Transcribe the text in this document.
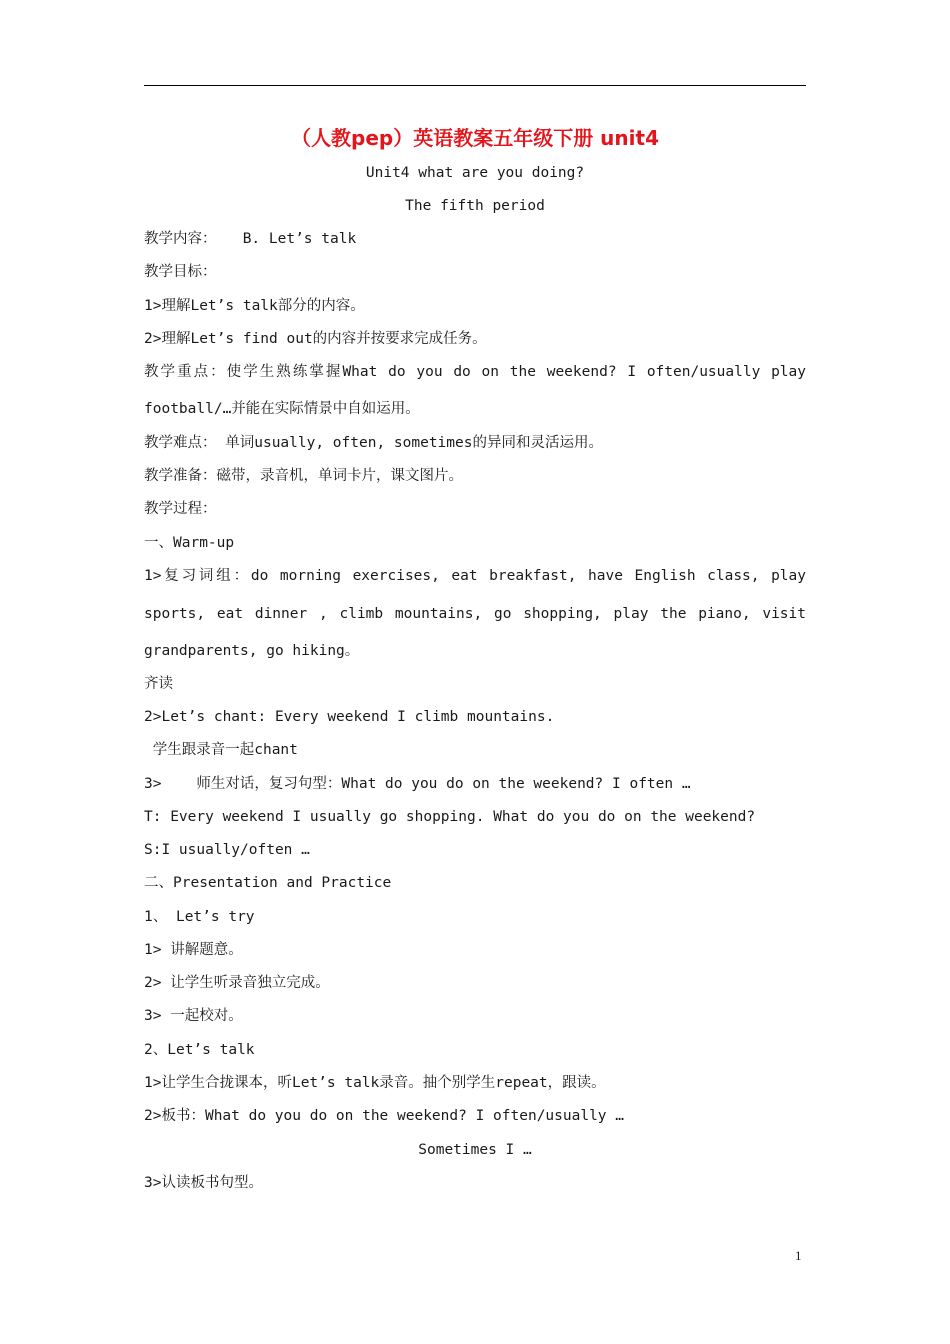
（人教pep）英语教案五年级下册 unit4
Unit4 what are you doing?
The fifth period
教学内容：   B. Let’s talk
教学目标：
1>理解Let’s talk部分的内容。
2>理解Let’s find out的内容并按要求完成任务。
教学重点：使学生熟练掌握What do you do on the weekend? I often/usually play
football/…并能在实际情景中自如运用。
教学难点： 单词usually, often, sometimes的异同和灵活运用。
教学准备：磁带，录音机，单词卡片，课文图片。
教学过程：
一、Warm-up
1>复习词组：do morning exercises, eat breakfast, have English class, play
sports, eat dinner , climb mountains, go shopping, play the piano, visit
grandparents, go hiking。
齐读
2>Let’s chant: Every weekend I climb mountains.
学生跟录音一起chant
3>    师生对话，复习句型：What do you do on the weekend? I often …
T: Every weekend I usually go shopping. What do you do on the weekend?
S:I usually/often …
二、Presentation and Practice
1、 Let’s try
1> 讲解题意。
2> 让学生听录音独立完成。
3> 一起校对。
2、Let’s talk
1>让学生合拢课本，听Let’s talk录音。抽个别学生repeat，跟读。
2>板书：What do you do on the weekend? I often/usually …
Sometimes I …
3>认读板书句型。
1
